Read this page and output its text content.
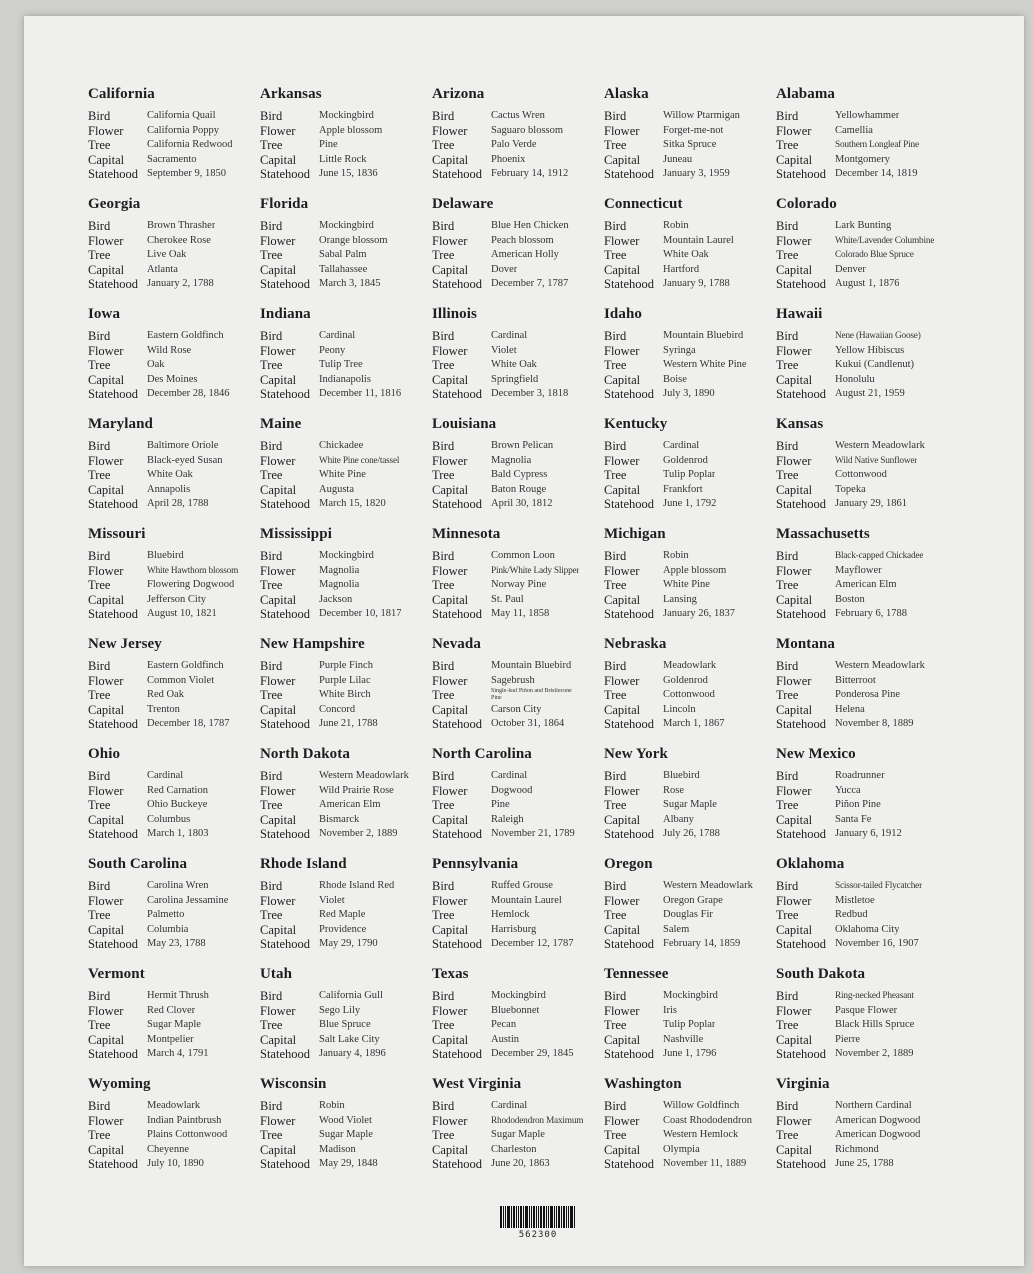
California
Bird	California Quail
Flower	California Poppy
Tree	California Redwood
Capital	Sacramento
Statehood September 9, 1850
Arkansas
Bird	Mockingbird
Flower	Apple blossom
Tree	Pine
Capital	Little Rock
Statehood June 15, 1836
Arizona
Bird	Cactus Wren
Flower	Saguaro blossom
Tree	Palo Verde
Capital	Phoenix
Statehood February 14, 1912
Alaska
Bird	Willow Ptarmigan
Flower	Forget-me-not
Tree	Sitka Spruce
Capital	Juneau
Statehood January 3, 1959
Alabama
Bird	Yellowhammer
Flower	Camellia
Tree	Southern Longleaf Pine
Capital	Montgomery
Statehood December 14, 1819
Georgia
Bird	Brown Thrasher
Flower	Cherokee Rose
Tree	Live Oak
Capital	Atlanta
Statehood January 2, 1788
Florida
Bird	Mockingbird
Flower	Orange blossom
Tree	Sabal Palm
Capital	Tallahassee
Statehood March 3, 1845
Delaware
Bird	Blue Hen Chicken
Flower	Peach blossom
Tree	American Holly
Capital	Dover
Statehood December 7, 1787
Connecticut
Bird	Robin
Flower	Mountain Laurel
Tree	White Oak
Capital	Hartford
Statehood January 9, 1788
Colorado
Bird	Lark Bunting
Flower	White/Lavender Columbine
Tree	Colorado Blue Spruce
Capital	Denver
Statehood August 1, 1876
Iowa
Bird	Eastern Goldfinch
Flower	Wild Rose
Tree	Oak
Capital	Des Moines
Statehood December 28, 1846
Indiana
Bird	Cardinal
Flower	Peony
Tree	Tulip Tree
Capital	Indianapolis
Statehood December 11, 1816
Illinois
Bird	Cardinal
Flower	Violet
Tree	White Oak
Capital	Springfield
Statehood December 3, 1818
Idaho
Bird	Mountain Bluebird
Flower	Syringa
Tree	Western White Pine
Capital	Boise
Statehood July 3, 1890
Hawaii
Bird	Nene (Hawaiian Goose)
Flower	Yellow Hibiscus
Tree	Kukui (Candlenut)
Capital	Honolulu
Statehood August 21, 1959
Maryland
Bird	Baltimore Oriole
Flower	Black-eyed Susan
Tree	White Oak
Capital	Annapolis
Statehood April 28, 1788
Maine
Bird	Chickadee
Flower	White Pine cone/tassel
Tree	White Pine
Capital	Augusta
Statehood March 15, 1820
Louisiana
Bird	Brown Pelican
Flower	Magnolia
Tree	Bald Cypress
Capital	Baton Rouge
Statehood April 30, 1812
Kentucky
Bird	Cardinal
Flower	Goldenrod
Tree	Tulip Poplar
Capital	Frankfort
Statehood June 1, 1792
Kansas
Bird	Western Meadowlark
Flower	Wild Native Sunflower
Tree	Cottonwood
Capital	Topeka
Statehood January 29, 1861
Missouri
Bird	Bluebird
Flower	White Hawthorn blossom
Tree	Flowering Dogwood
Capital	Jefferson City
Statehood August 10, 1821
Mississippi
Bird	Mockingbird
Flower	Magnolia
Tree	Magnolia
Capital	Jackson
Statehood December 10, 1817
Minnesota
Bird	Common Loon
Flower	Pink/White Lady Slipper
Tree	Norway Pine
Capital	St. Paul
Statehood May 11, 1858
Michigan
Bird	Robin
Flower	Apple blossom
Tree	White Pine
Capital	Lansing
Statehood January 26, 1837
Massachusetts
Bird	Black-capped Chickadee
Flower	Mayflower
Tree	American Elm
Capital	Boston
Statehood February 6, 1788
New Jersey
Bird	Eastern Goldfinch
Flower	Common Violet
Tree	Red Oak
Capital	Trenton
Statehood December 18, 1787
New Hampshire
Bird	Purple Finch
Flower	Purple Lilac
Tree	White Birch
Capital	Concord
Statehood June 21, 1788
Nevada
Bird	Mountain Bluebird
Flower	Sagebrush
Tree	Single-leaf Piñon and Bristlecone Pine
Capital	Carson City
Statehood October 31, 1864
Nebraska
Bird	Meadowlark
Flower	Goldenrod
Tree	Cottonwood
Capital	Lincoln
Statehood March 1, 1867
Montana
Bird	Western Meadowlark
Flower	Bitterroot
Tree	Ponderosa Pine
Capital	Helena
Statehood November 8, 1889
Ohio
Bird	Cardinal
Flower	Red Carnation
Tree	Ohio Buckeye
Capital	Columbus
Statehood March 1, 1803
North Dakota
Bird	Western Meadowlark
Flower	Wild Prairie Rose
Tree	American Elm
Capital	Bismarck
Statehood November 2, 1889
North Carolina
Bird	Cardinal
Flower	Dogwood
Tree	Pine
Capital	Raleigh
Statehood November 21, 1789
New York
Bird	Bluebird
Flower	Rose
Tree	Sugar Maple
Capital	Albany
Statehood July 26, 1788
New Mexico
Bird	Roadrunner
Flower	Yucca
Tree	Piñon Pine
Capital	Santa Fe
Statehood January 6, 1912
South Carolina
Bird	Carolina Wren
Flower	Carolina Jessamine
Tree	Palmetto
Capital	Columbia
Statehood May 23, 1788
Rhode Island
Bird	Rhode Island Red
Flower	Violet
Tree	Red Maple
Capital	Providence
Statehood May 29, 1790
Pennsylvania
Bird	Ruffed Grouse
Flower	Mountain Laurel
Tree	Hemlock
Capital	Harrisburg
Statehood December 12, 1787
Oregon
Bird	Western Meadowlark
Flower	Oregon Grape
Tree	Douglas Fir
Capital	Salem
Statehood February 14, 1859
Oklahoma
Bird	Scissor-tailed Flycatcher
Flower	Mistletoe
Tree	Redbud
Capital	Oklahoma City
Statehood November 16, 1907
Vermont
Bird	Hermit Thrush
Flower	Red Clover
Tree	Sugar Maple
Capital	Montpelier
Statehood March 4, 1791
Utah
Bird	California Gull
Flower	Sego Lily
Tree	Blue Spruce
Capital	Salt Lake City
Statehood January 4, 1896
Texas
Bird	Mockingbird
Flower	Bluebonnet
Tree	Pecan
Capital	Austin
Statehood December 29, 1845
Tennessee
Bird	Mockingbird
Flower	Iris
Tree	Tulip Poplar
Capital	Nashville
Statehood June 1, 1796
South Dakota
Bird	Ring-necked Pheasant
Flower	Pasque Flower
Tree	Black Hills Spruce
Capital	Pierre
Statehood November 2, 1889
Wyoming
Bird	Meadowlark
Flower	Indian Paintbrush
Tree	Plains Cottonwood
Capital	Cheyenne
Statehood July 10, 1890
Wisconsin
Bird	Robin
Flower	Wood Violet
Tree	Sugar Maple
Capital	Madison
Statehood May 29, 1848
West Virginia
Bird	Cardinal
Flower	Rhododendron Maximum
Tree	Sugar Maple
Capital	Charleston
Statehood June 20, 1863
Washington
Bird	Willow Goldfinch
Flower	Coast Rhododendron
Tree	Western Hemlock
Capital	Olympia
Statehood November 11, 1889
Virginia
Bird	Northern Cardinal
Flower	American Dogwood
Tree	American Dogwood
Capital	Richmond
Statehood June 25, 1788
562300
